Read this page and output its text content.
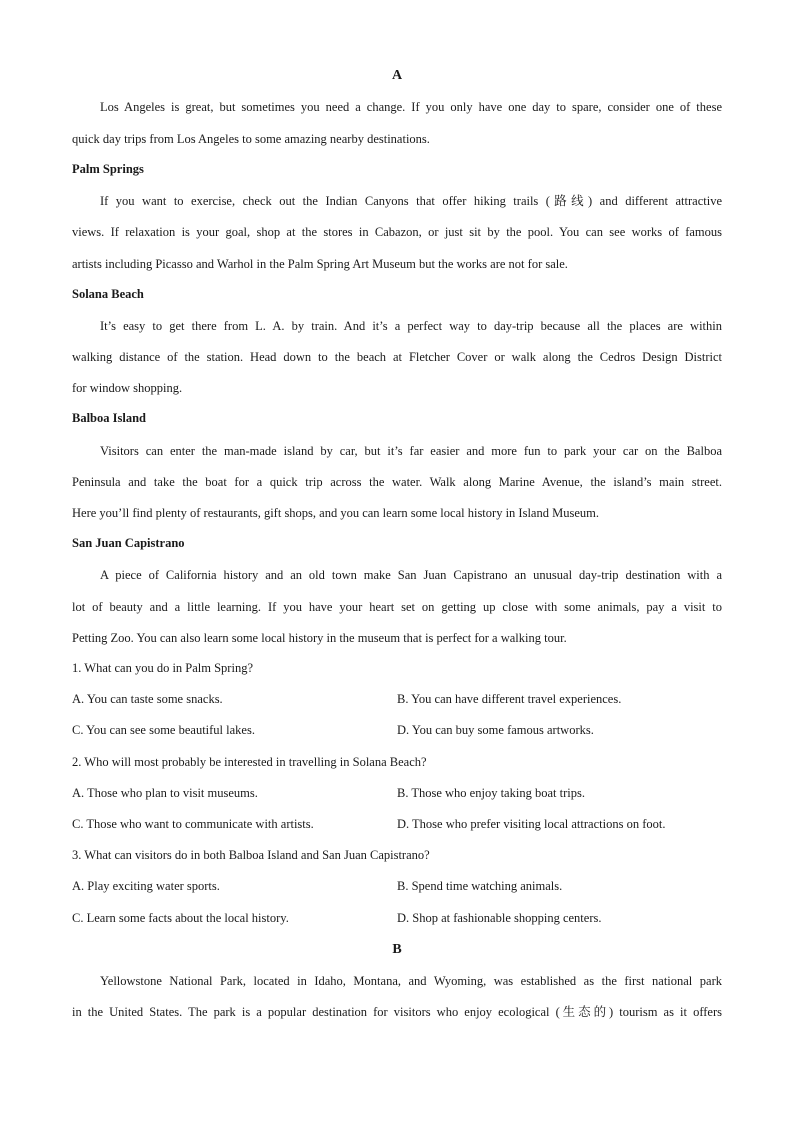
A
Los Angeles is great, but sometimes you need a change. If you only have one day to spare, consider one of these
quick day trips from Los Angeles to some amazing nearby destinations.
Palm Springs
If you want to exercise, check out the Indian Canyons that offer hiking trails (路线) and different attractive
views. If relaxation is your goal, shop at the stores in Cabazon, or just sit by the pool. You can see works of famous
artists including Picasso and Warhol in the Palm Spring Art Museum but the works are not for sale.
Solana Beach
It’s easy to get there from L. A. by train. And it’s a perfect way to day-trip because all the places are within
walking distance of the station. Head down to the beach at Fletcher Cover or walk along the Cedros Design District
for window shopping.
Balboa Island
Visitors can enter the man-made island by car, but it’s far easier and more fun to park your car on the Balboa
Peninsula and take the boat for a quick trip across the water. Walk along Marine Avenue, the island’s main street.
Here you’ll find plenty of restaurants, gift shops, and you can learn some local history in Island Museum.
San Juan Capistrano
A piece of California history and an old town make San Juan Capistrano an unusual day-trip destination with a
lot of beauty and a little learning. If you have your heart set on getting up close with some animals, pay a visit to
Petting Zoo. You can also learn some local history in the museum that is perfect for a walking tour.
1. What can you do in Palm Spring?
A. You can taste some snacks.	B. You can have different travel experiences.
C. You can see some beautiful lakes.	D. You can buy some famous artworks.
2. Who will most probably be interested in travelling in Solana Beach?
A. Those who plan to visit museums.	B. Those who enjoy taking boat trips.
C. Those who want to communicate with artists.	D. Those who prefer visiting local attractions on foot.
3. What can visitors do in both Balboa Island and San Juan Capistrano?
A. Play exciting water sports.	B. Spend time watching animals.
C. Learn some facts about the local history.	D. Shop at fashionable shopping centers.
B
Yellowstone National Park, located in Idaho, Montana, and Wyoming, was established as the first national park
in the United States. The park is a popular destination for visitors who enjoy ecological (生态的) tourism as it offers
